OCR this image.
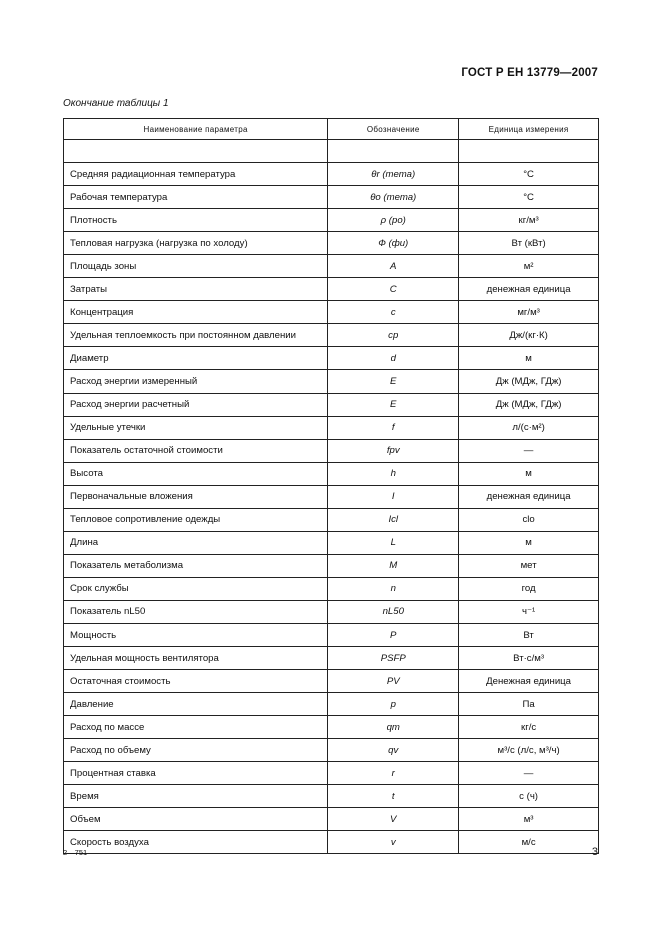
ГОСТ Р ЕН 13779—2007
Окончание таблицы 1
Наименование параметра	Обозначение	Единица измерения

Средняя радиационная температура	θr (тета)	°С
Рабочая температура	θo (тета)	°С
Плотность	ρ (ро)	кг/м³
Тепловая нагрузка (нагрузка по холоду)	Ф (фи)	Вт (кВт)
Площадь зоны	A	м²
Затраты	C	денежная единица
Концентрация	c	мг/м³
Удельная теплоемкость при постоянном давлении	cp	Дж/(кг·К)
Диаметр	d	м
Расход энергии измеренный	E	Дж (МДж, ГДж)
Расход энергии расчетный	E	Дж (МДж, ГДж)
Удельные утечки	f	л/(с·м²)
Показатель остаточной стоимости	fpv	—
Высота	h	м
Первоначальные вложения	I	денежная единица
Тепловое сопротивление одежды	Icl	clo
Длина	L	м
Показатель метаболизма	M	мет
Срок службы	n	год
Показатель nL50	nL50	ч⁻¹
Мощность	P	Вт
Удельная мощность вентилятора	PSFP	Вт·с/м³
Остаточная стоимость	PV	Денежная единица
Давление	p	Па
Расход по массе	qm	кг/с
Расход по объему	qv	м³/с (л/с, м³/ч)
Процентная ставка	r	—
Время	t	с (ч)
Объем	V	м³
Скорость воздуха	v	м/с
2—751	3
